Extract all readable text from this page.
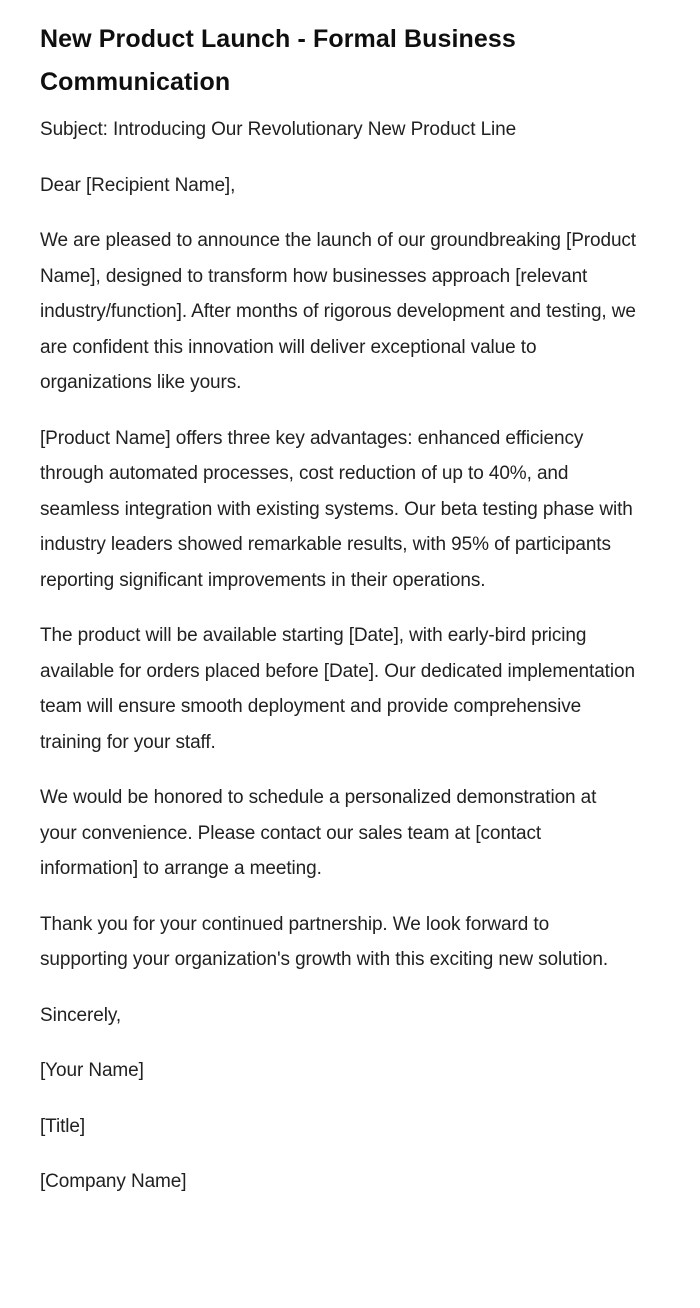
New Product Launch - Formal Business Communication

Subject: Introducing Our Revolutionary New Product Line

Dear [Recipient Name],

We are pleased to announce the launch of our groundbreaking [Product Name], designed to transform how businesses approach [relevant industry/function]. After months of rigorous development and testing, we are confident this innovation will deliver exceptional value to organizations like yours.

[Product Name] offers three key advantages: enhanced efficiency through automated processes, cost reduction of up to 40%, and seamless integration with existing systems. Our beta testing phase with industry leaders showed remarkable results, with 95% of participants reporting significant improvements in their operations.

The product will be available starting [Date], with early-bird pricing available for orders placed before [Date]. Our dedicated implementation team will ensure smooth deployment and provide comprehensive training for your staff.

We would be honored to schedule a personalized demonstration at your convenience. Please contact our sales team at [contact information] to arrange a meeting.

Thank you for your continued partnership. We look forward to supporting your organization's growth with this exciting new solution.

Sincerely,

[Your Name]

[Title]

[Company Name]
